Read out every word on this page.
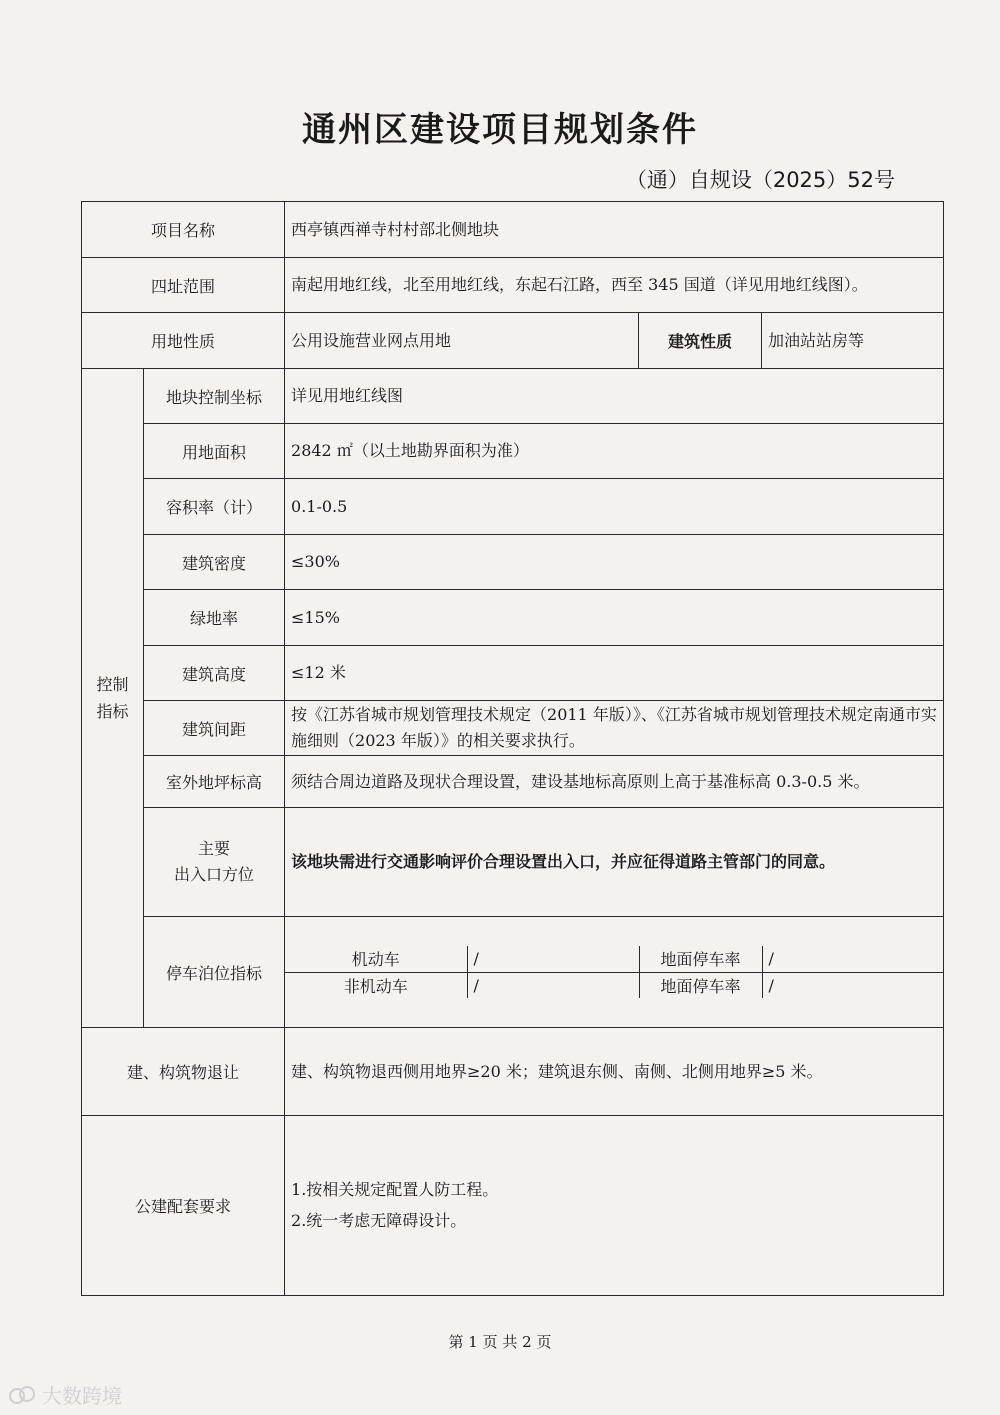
通州区建设项目规划条件
（通）自规设（2025）52号
项目名称	西亭镇西禅寺村村部北侧地块
四址范围	南起用地红线，北至用地红线，东起石江路，西至 345 国道（详见用地红线图）。
用地性质	公用设施营业网点用地	建筑性质	加油站站房等
控制
指标	地块控制坐标	详见用地红线图
用地面积	2842 ㎡（以土地勘界面积为准）
容积率（计）	0.1-0.5
建筑密度	≤30%
绿地率	≤15%
建筑高度	≤12 米
建筑间距	按《江苏省城市规划管理技术规定（2011 年版）》、《江苏省城市规划管理技术规定南通市实施细则（2023 年版）》的相关要求执行。
室外地坪标高	须结合周边道路及现状合理设置，建设基地标高原则上高于基准标高 0.3-0.5 米。
主要
出入口方位	该地块需进行交通影响评价合理设置出入口，并应征得道路主管部门的同意。
停车泊位指标	
机动车	/	地面停车率	/
非机动车	/	地面停车率	/

建、构筑物退让	建、构筑物退西侧用地界≥20 米；建筑退东侧、南侧、北侧用地界≥5 米。
公建配套要求	
1.按相关规定配置人防工程。
2.统一考虑无障碍设计。
第 1 页 共 2 页
大数跨境
